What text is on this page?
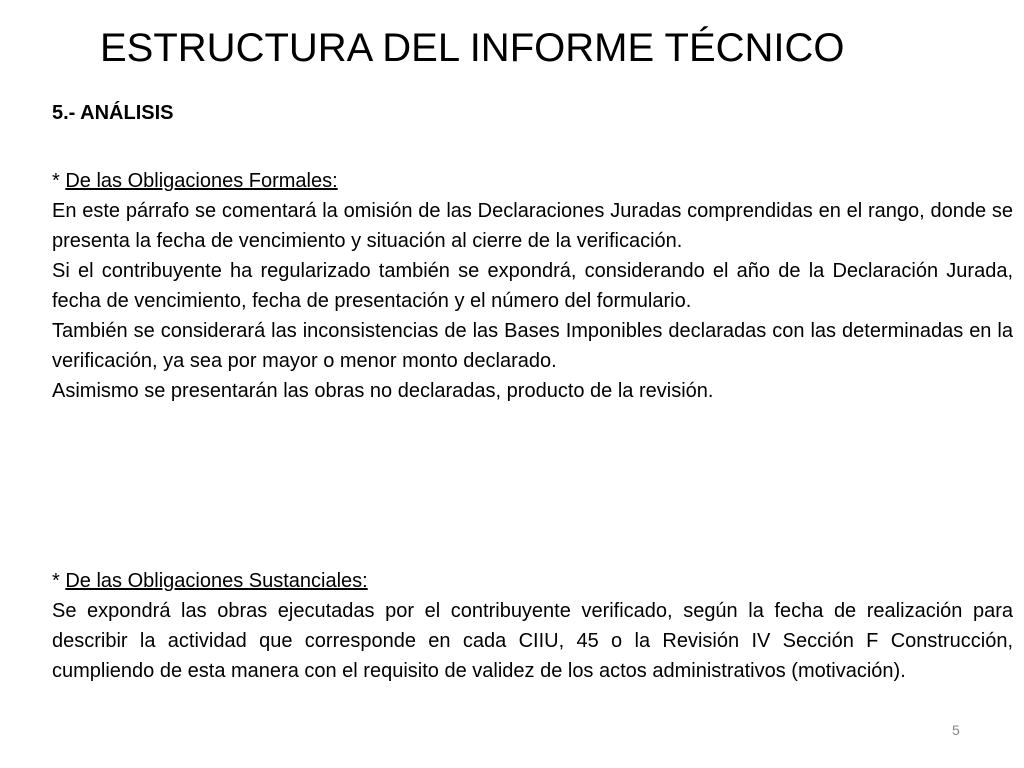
ESTRUCTURA DEL INFORME TÉCNICO
5.- ANÁLISIS

* De las Obligaciones Formales:

En este párrafo se comentará la omisión de las Declaraciones Juradas comprendidas en el rango, donde se presenta la fecha de vencimiento y situación al cierre de la verificación.

Si el contribuyente ha regularizado también se expondrá, considerando el año de la Declaración Jurada, fecha de vencimiento, fecha de presentación y el número del formulario.

También se considerará las inconsistencias de las Bases Imponibles declaradas con las determinadas en la verificación, ya sea por mayor o menor monto declarado.

Asimismo se presentarán las obras no declaradas, producto de la revisión.

* De las Obligaciones Sustanciales:

Se expondrá las obras ejecutadas por el contribuyente verificado, según la fecha de realización para describir la actividad que corresponde en cada CIIU, 45 o la Revisión IV Sección F Construcción, cumpliendo de esta manera con el requisito de validez de los actos administrativos (motivación).

5
